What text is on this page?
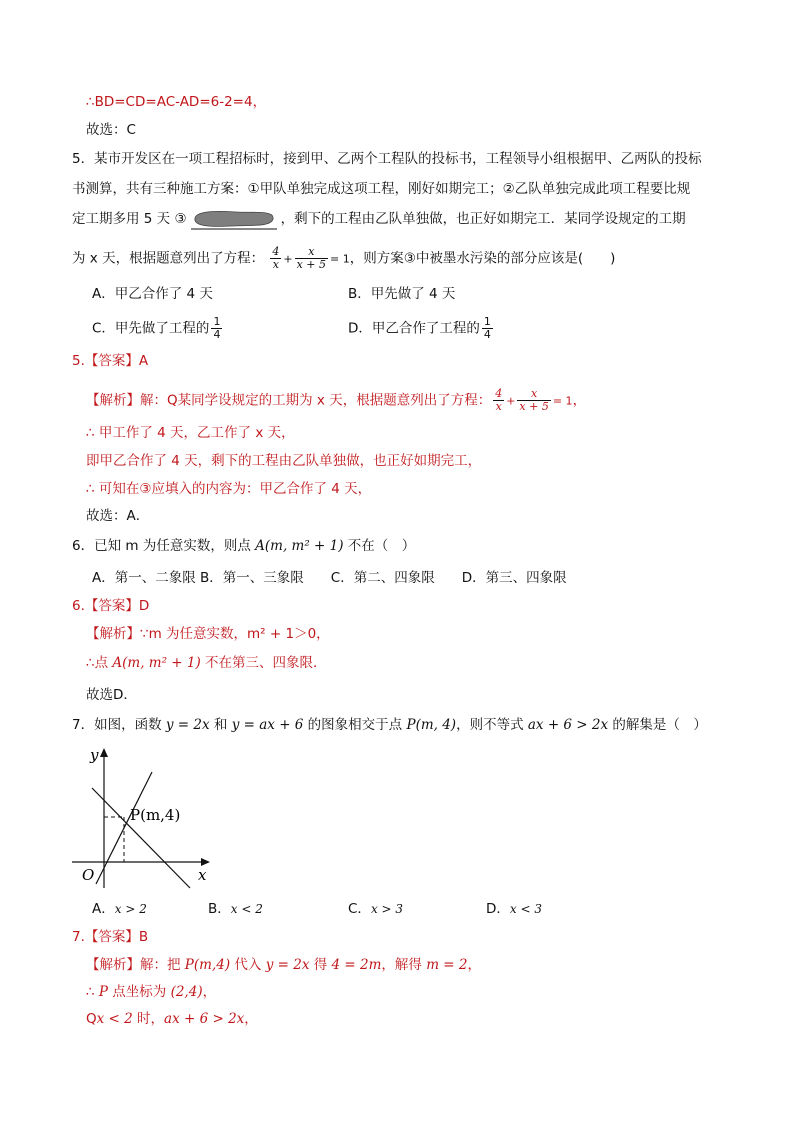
∴BD=CD=AC-AD=6-2=4，
故选：C
5．某市开发区在一项工程招标时，接到甲、乙两个工程队的投标书，工程领导小组根据甲、乙两队的投标
书测算，共有三种施工方案：①甲队单独完成这项工程，刚好如期完工；②乙队单独完成此项工程要比规
定工期多用 5 天 ③	，剩下的工程由乙队单独做，也正好如期完工．某同学设规定的工期
为 x 天，根据题意列出了方程： $\frac{4}{x} + \frac{x}{x + 5} = 1$，则方案③中被墨水污染的部分应该是(　　)
A．甲乙合作了 4 天	B．甲先做了 4 天
C．甲先做了工程的 $\frac{1}{4}$	D．甲乙合作了工程的 $\frac{1}{4}$
5.【答案】A
【解析】解：Q某同学设规定的工期为 x 天，根据题意列出了方程： $\frac{4}{x} + \frac{x}{x + 5} = 1$，
∴ 甲工作了 4 天，乙工作了 x 天，
即甲乙合作了 4 天，剩下的工程由乙队单独做，也正好如期完工，
∴ 可知在③应填入的内容为：甲乙合作了 4 天，
故选：A．
6．已知 m 为任意实数，则点 A(m, m² + 1) 不在（　）
A．第一、二象限 B．第一、三象限　　C．第二、四象限　　D．第三、四象限
6.【答案】D
【解析】∵m 为任意实数，m² + 1＞0，
∴点 A(m, m² + 1) 不在第三、四象限．
故选D．
7．如图，函数 y = 2x 和 y = ax + 6 的图象相交于点 P(m, 4)，则不等式 ax + 6 > 2x 的解集是（　）
y
x
O
P(m,4)
A．x > 2	B．x < 2	C．x > 3	D．x < 3
7.【答案】B
【解析】解：把 P(m,4) 代入 y = 2x 得 4 = 2m，解得 m = 2，
∴ P 点坐标为 (2,4)，
Qx < 2 时，ax + 6 > 2x，
